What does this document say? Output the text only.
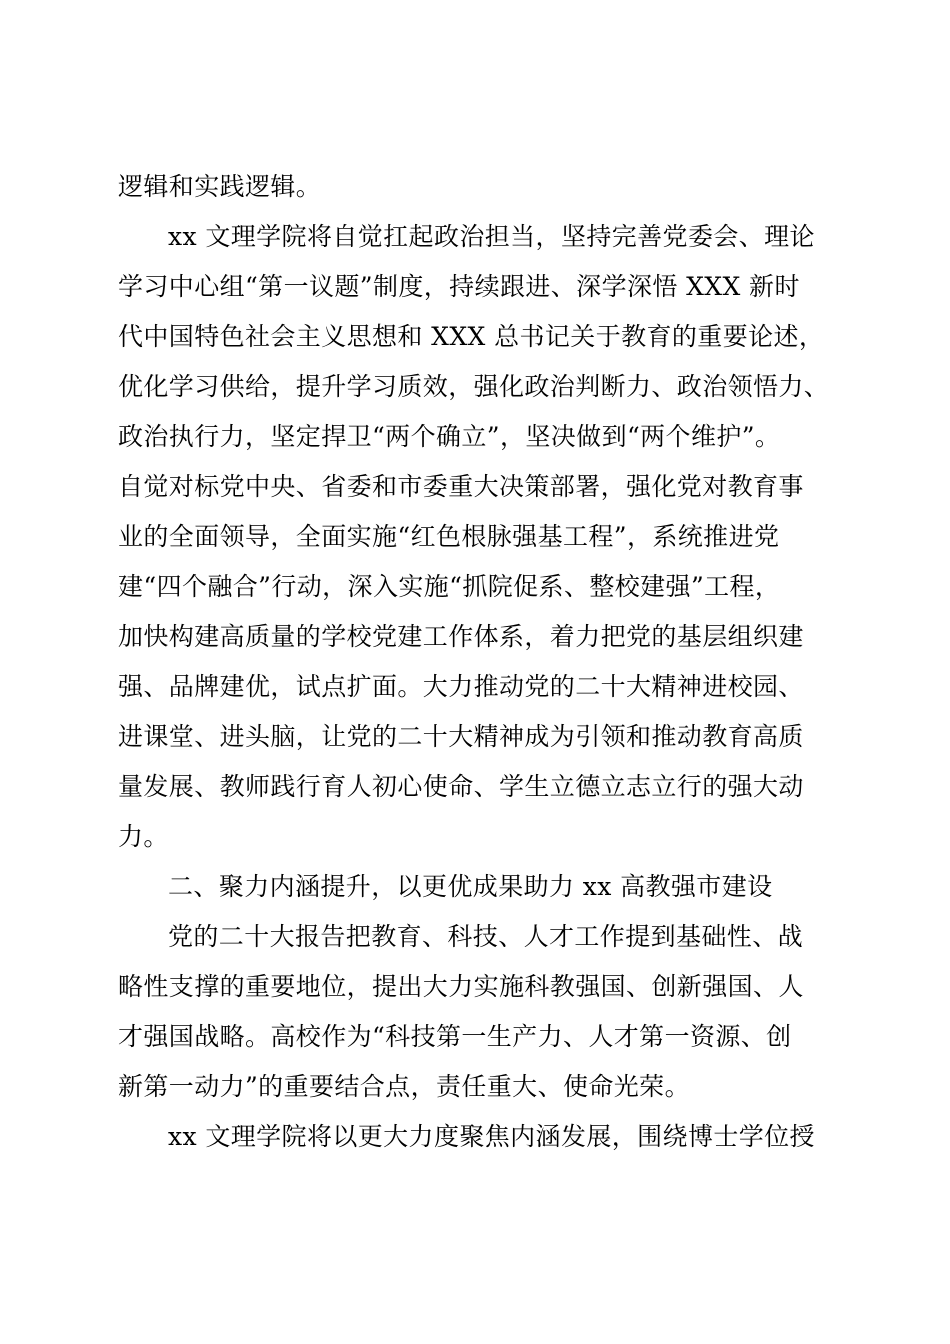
逻辑和实践逻辑。
xx 文理学院将自觉扛起政治担当，坚持完善党委会、理论
学习中心组“第一议题”制度，持续跟进、深学深悟 XXX 新时
代中国特色社会主义思想和 XXX 总书记关于教育的重要论述，
优化学习供给，提升学习质效，强化政治判断力、政治领悟力、
政治执行力，坚定捍卫“两个确立”，坚决做到“两个维护”。
自觉对标党中央、省委和市委重大决策部署，强化党对教育事
业的全面领导，全面实施“红色根脉强基工程”，系统推进党
建“四个融合”行动，深入实施“抓院促系、整校建强”工程，
加快构建高质量的学校党建工作体系，着力把党的基层组织建
强、品牌建优，试点扩面。大力推动党的二十大精神进校园、
进课堂、进头脑，让党的二十大精神成为引领和推动教育高质
量发展、教师践行育人初心使命、学生立德立志立行的强大动
力。
二、聚力内涵提升，以更优成果助力 xx 高教强市建设
党的二十大报告把教育、科技、人才工作提到基础性、战
略性支撑的重要地位，提出大力实施科教强国、创新强国、人
才强国战略。高校作为“科技第一生产力、人才第一资源、创
新第一动力”的重要结合点，责任重大、使命光荣。
xx 文理学院将以更大力度聚焦内涵发展，围绕博士学位授
